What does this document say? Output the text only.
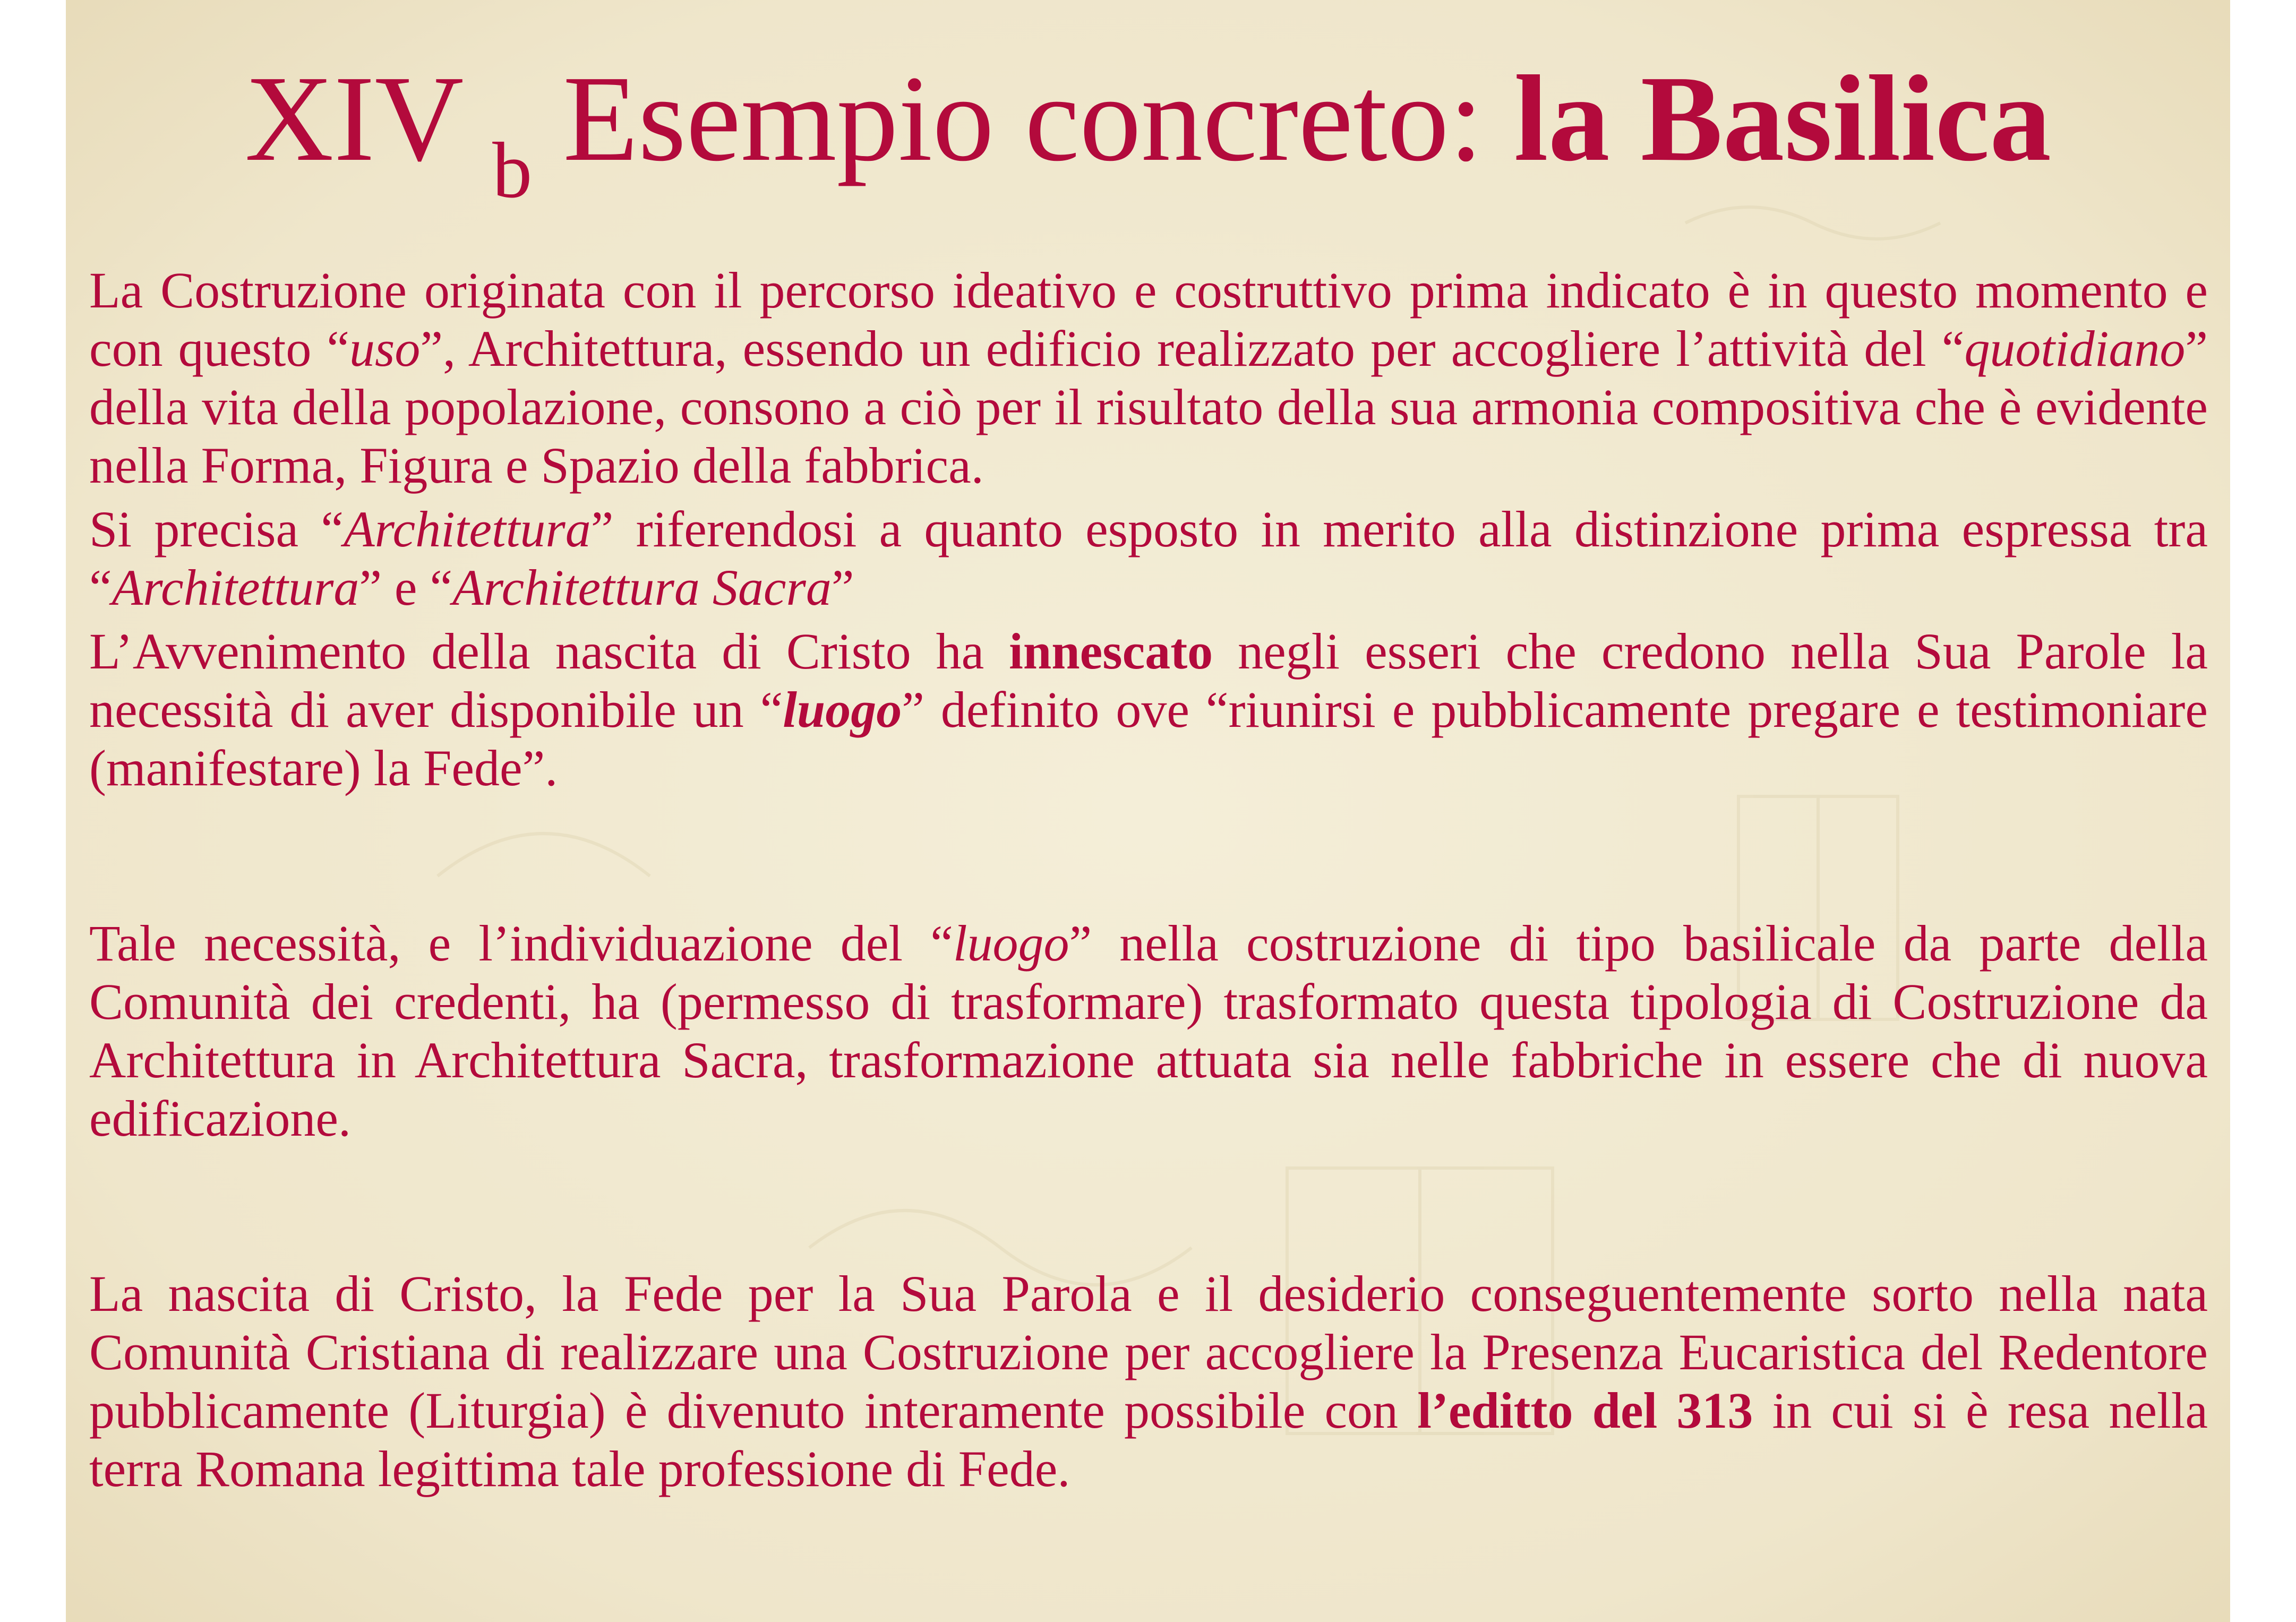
XIV $_b$ Esempio concreto: la Basilica

La Costruzione originata con il percorso ideativo e costruttivo prima indicato è in questo momento e con questo “uso”, Architettura, essendo un edificio realizzato per accogliere l’attività del “quotidiano” della vita della popolazione, consono a ciò per il risultato della sua armonia compositiva che è evidente nella Forma, Figura e Spazio della fabbrica.

Si precisa “Architettura” riferendosi a quanto esposto in merito alla distinzione prima espressa tra “Architettura” e “Architettura Sacra”

L’Avvenimento della nascita di Cristo ha innescato negli esseri che credono nella Sua Parole la necessità di aver disponibile un “luogo” definito ove “riunirsi e pubblicamente pregare e testimoniare (manifestare) la Fede”.

Tale necessità, e l’individuazione del “luogo” nella costruzione di tipo basilicale da parte della Comunità dei credenti, ha (permesso di trasformare) trasformato questa tipologia di Costruzione da Architettura in Architettura Sacra, trasformazione attuata sia nelle fabbriche in essere che di nuova edificazione.

La nascita di Cristo, la Fede per la Sua Parola e il desiderio conseguentemente sorto nella nata Comunità Cristiana di realizzare una Costruzione per accogliere la Presenza Eucaristica del Redentore pubblicamente (Liturgia) è divenuto interamente possibile con l’editto del 313 in cui si è resa nella terra Romana legittima tale professione di Fede.
